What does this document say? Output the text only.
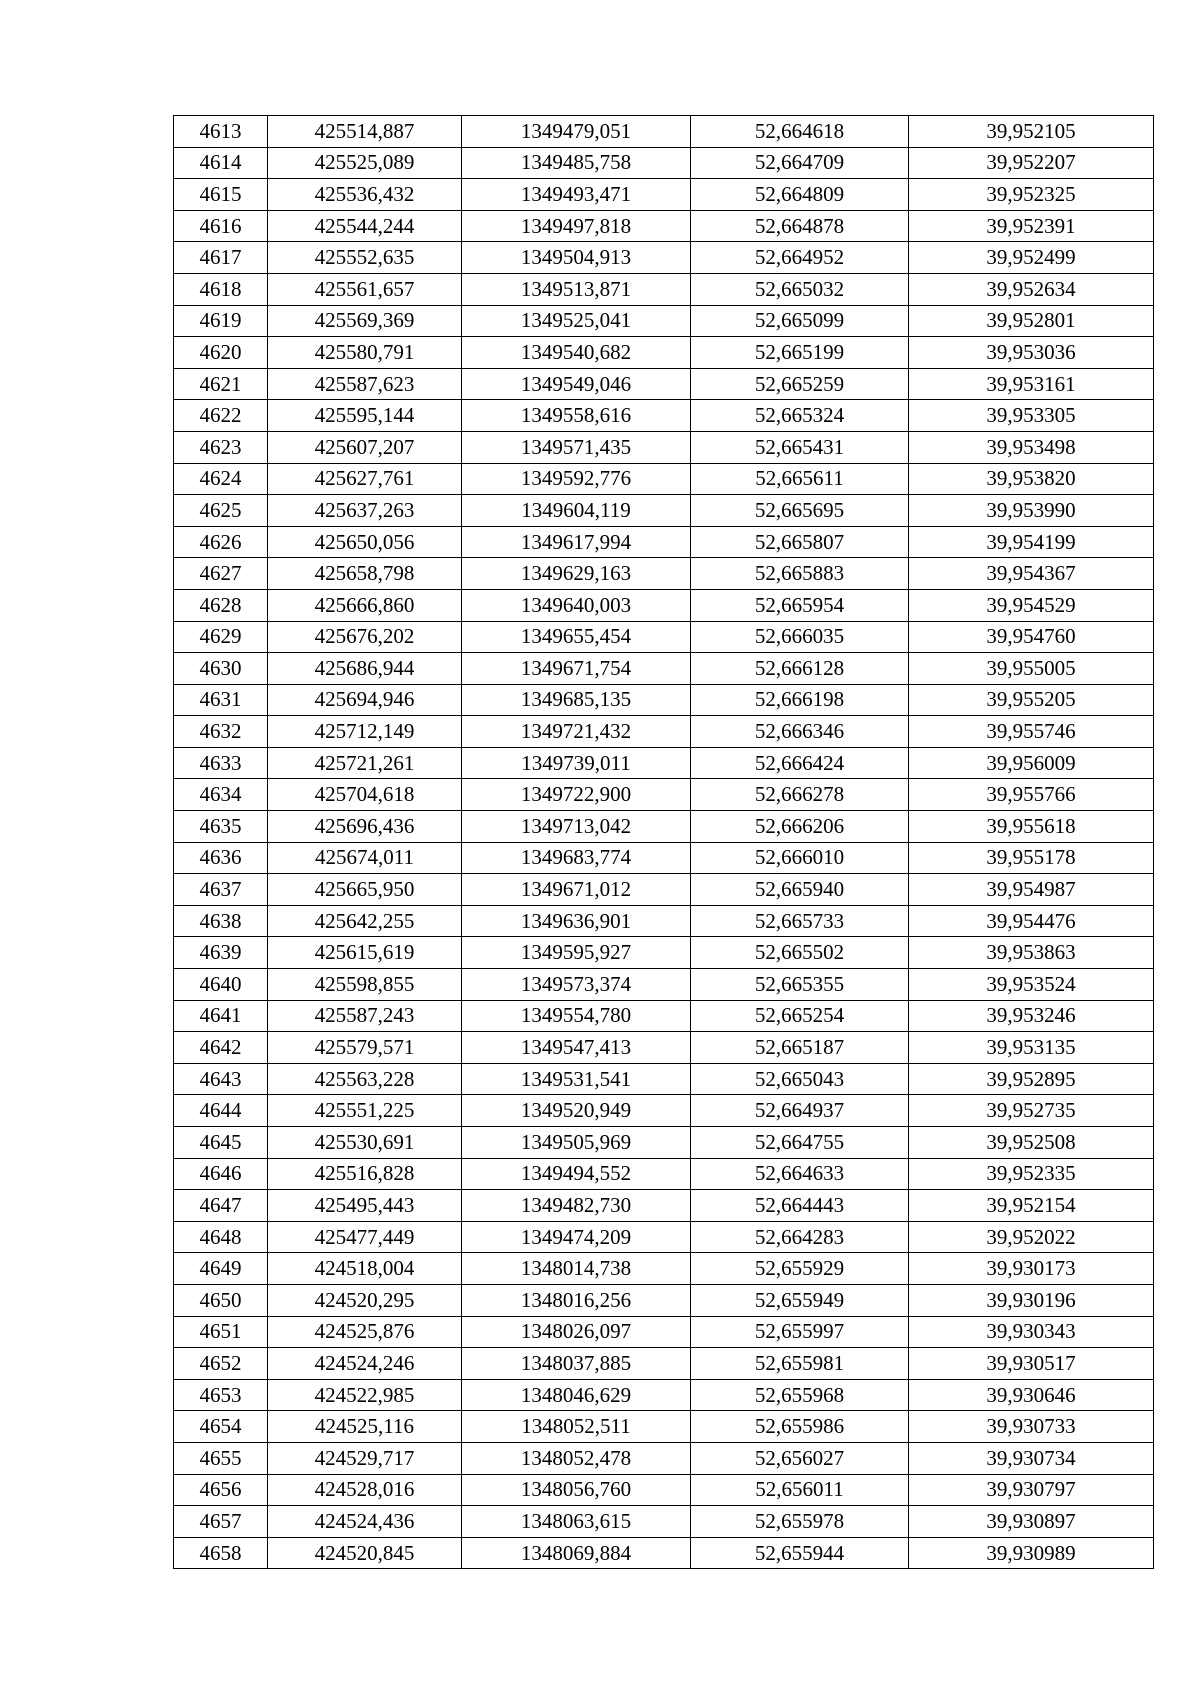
4613	425514,887	1349479,051	52,664618	39,952105
4614	425525,089	1349485,758	52,664709	39,952207
4615	425536,432	1349493,471	52,664809	39,952325
4616	425544,244	1349497,818	52,664878	39,952391
4617	425552,635	1349504,913	52,664952	39,952499
4618	425561,657	1349513,871	52,665032	39,952634
4619	425569,369	1349525,041	52,665099	39,952801
4620	425580,791	1349540,682	52,665199	39,953036
4621	425587,623	1349549,046	52,665259	39,953161
4622	425595,144	1349558,616	52,665324	39,953305
4623	425607,207	1349571,435	52,665431	39,953498
4624	425627,761	1349592,776	52,665611	39,953820
4625	425637,263	1349604,119	52,665695	39,953990
4626	425650,056	1349617,994	52,665807	39,954199
4627	425658,798	1349629,163	52,665883	39,954367
4628	425666,860	1349640,003	52,665954	39,954529
4629	425676,202	1349655,454	52,666035	39,954760
4630	425686,944	1349671,754	52,666128	39,955005
4631	425694,946	1349685,135	52,666198	39,955205
4632	425712,149	1349721,432	52,666346	39,955746
4633	425721,261	1349739,011	52,666424	39,956009
4634	425704,618	1349722,900	52,666278	39,955766
4635	425696,436	1349713,042	52,666206	39,955618
4636	425674,011	1349683,774	52,666010	39,955178
4637	425665,950	1349671,012	52,665940	39,954987
4638	425642,255	1349636,901	52,665733	39,954476
4639	425615,619	1349595,927	52,665502	39,953863
4640	425598,855	1349573,374	52,665355	39,953524
4641	425587,243	1349554,780	52,665254	39,953246
4642	425579,571	1349547,413	52,665187	39,953135
4643	425563,228	1349531,541	52,665043	39,952895
4644	425551,225	1349520,949	52,664937	39,952735
4645	425530,691	1349505,969	52,664755	39,952508
4646	425516,828	1349494,552	52,664633	39,952335
4647	425495,443	1349482,730	52,664443	39,952154
4648	425477,449	1349474,209	52,664283	39,952022
4649	424518,004	1348014,738	52,655929	39,930173
4650	424520,295	1348016,256	52,655949	39,930196
4651	424525,876	1348026,097	52,655997	39,930343
4652	424524,246	1348037,885	52,655981	39,930517
4653	424522,985	1348046,629	52,655968	39,930646
4654	424525,116	1348052,511	52,655986	39,930733
4655	424529,717	1348052,478	52,656027	39,930734
4656	424528,016	1348056,760	52,656011	39,930797
4657	424524,436	1348063,615	52,655978	39,930897
4658	424520,845	1348069,884	52,655944	39,930989
